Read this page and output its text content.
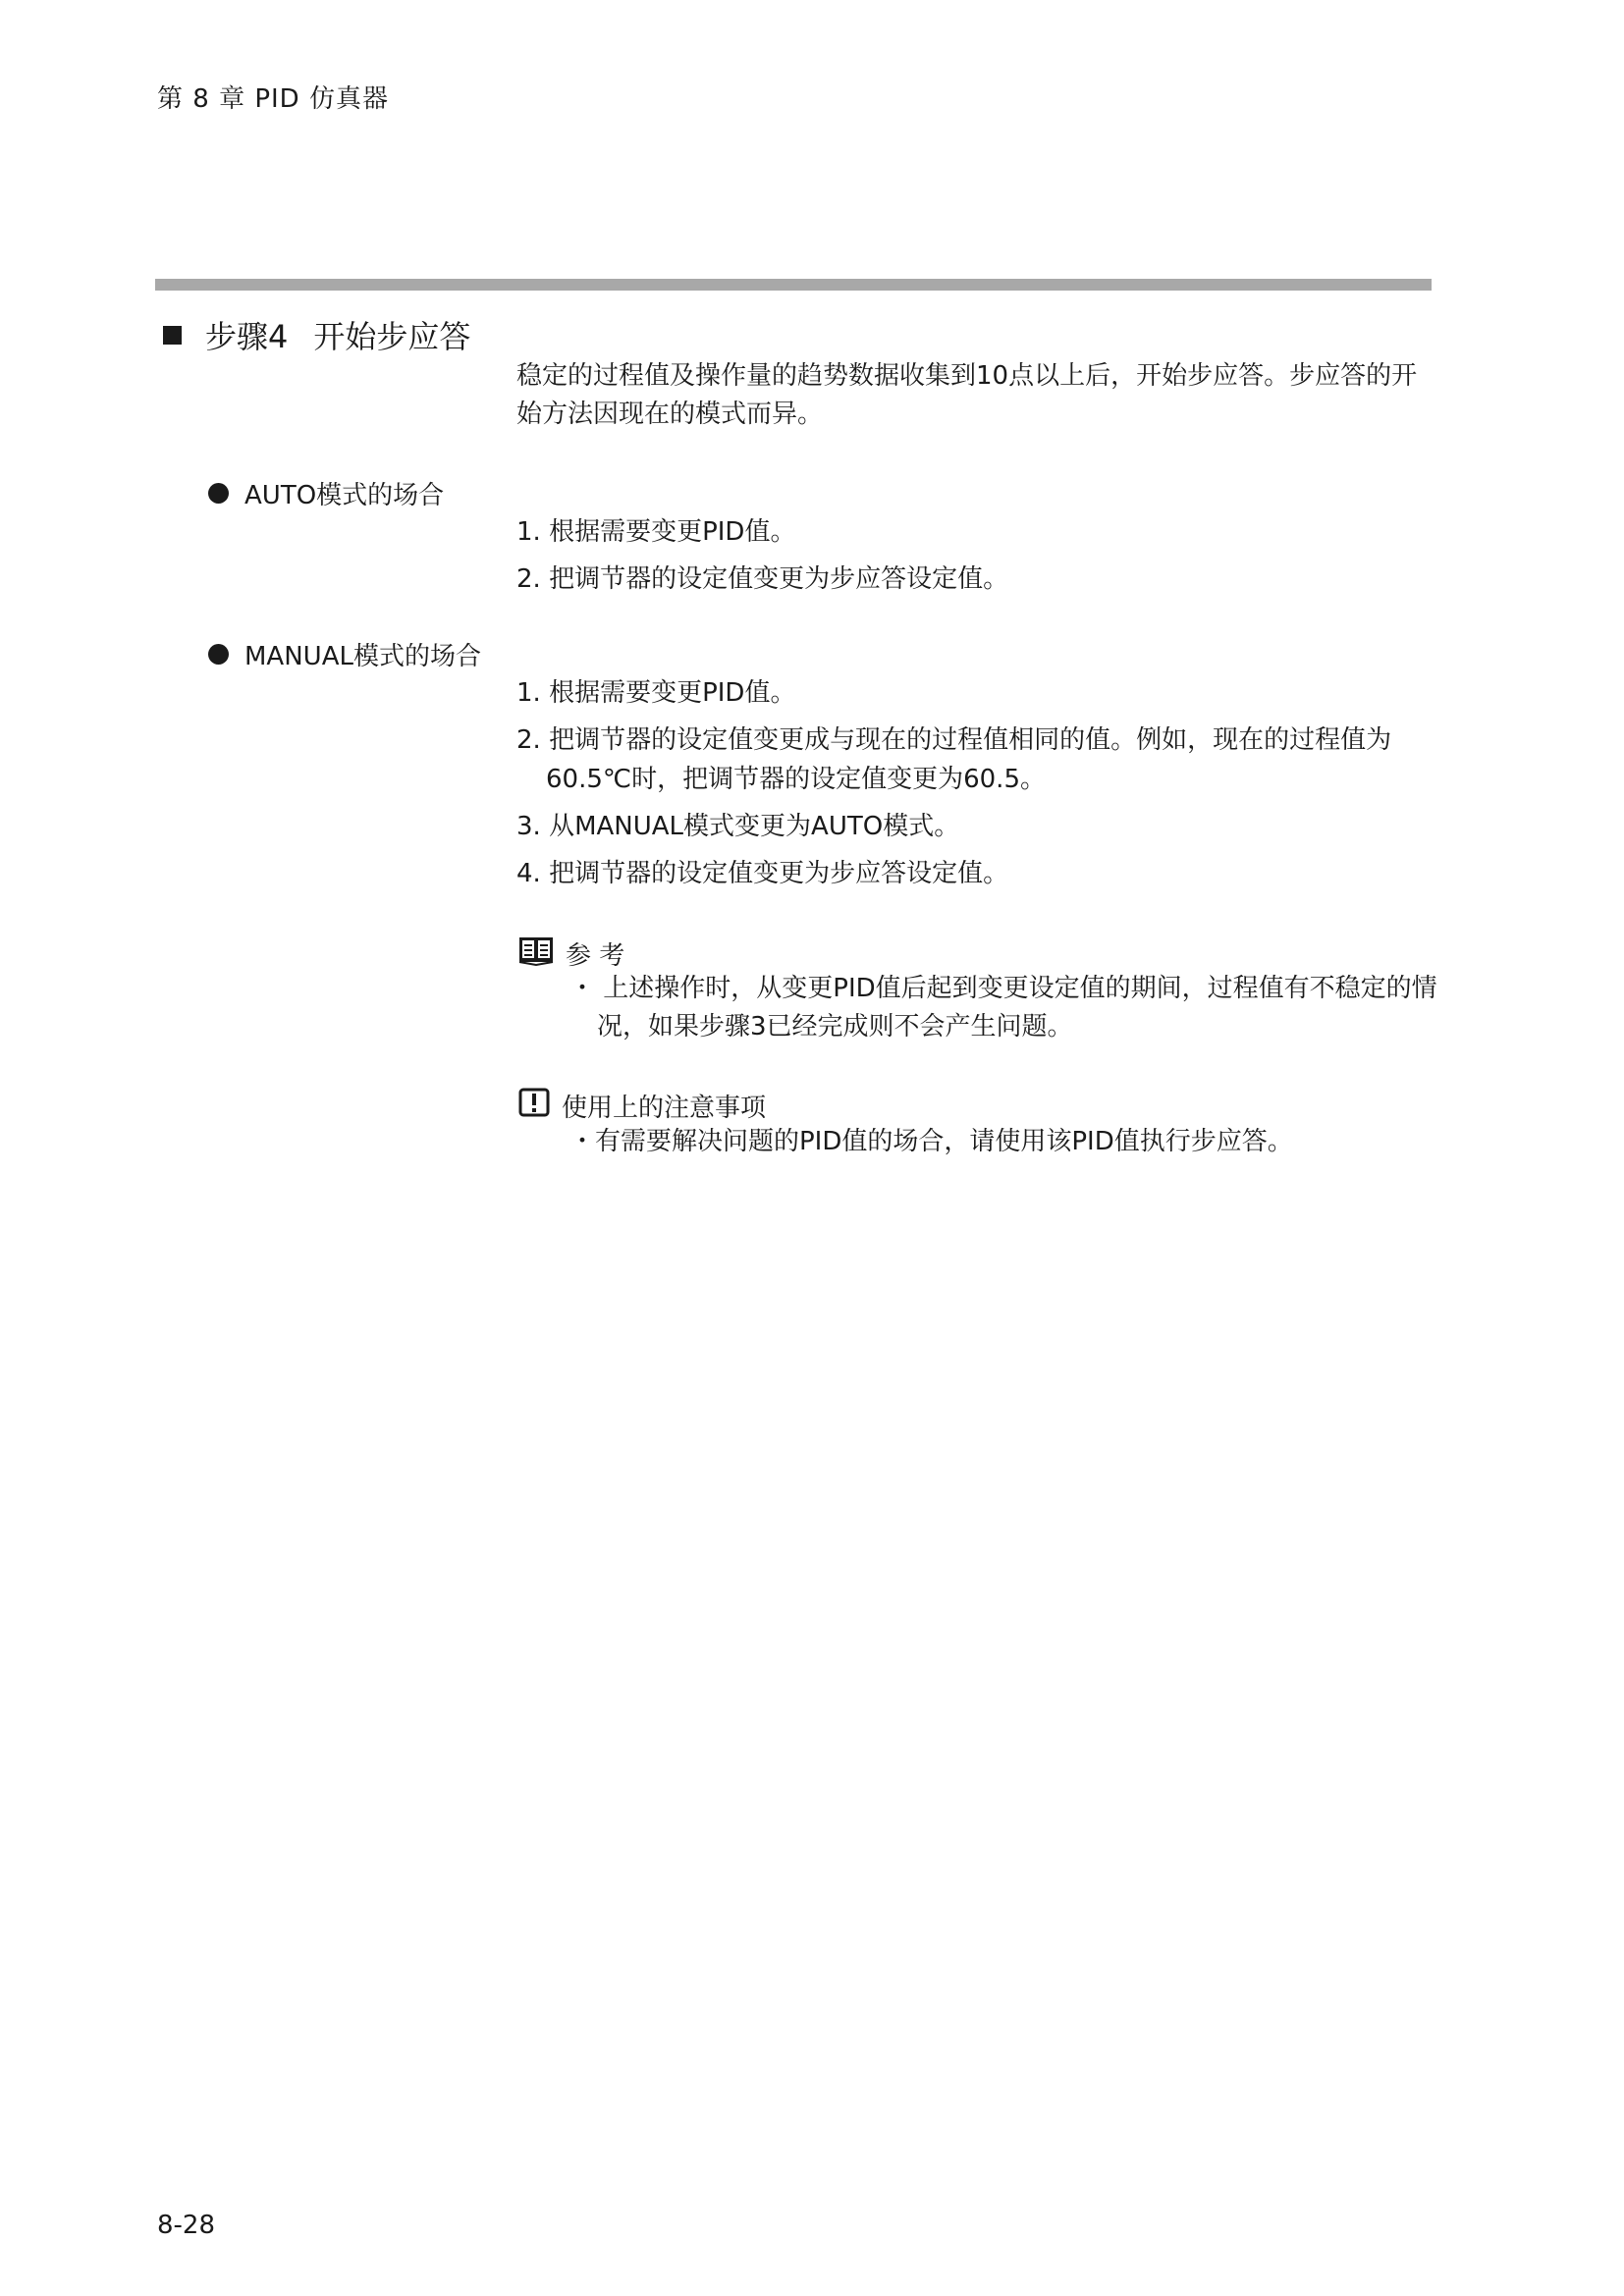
第 8 章 PID 仿真器
步骤4 开始步应答
稳定的过程值及操作量的趋势数据收集到10点以上后，开始步应答。步应答的开始方法因现在的模式而异。
AUTO模式的场合
1. 根据需要变更PID值。
2. 把调节器的设定值变更为步应答设定值。
MANUAL模式的场合
1. 根据需要变更PID值。
2. 把调节器的设定值变更成与现在的过程值相同的值。例如，现在的过程值为60.5℃时，把调节器的设定值变更为60.5。
3. 从MANUAL模式变更为AUTO模式。
4. 把调节器的设定值变更为步应答设定值。
参 考
・ 上述操作时，从变更PID值后起到变更设定值的期间，过程值有不稳定的情况，如果步骤3已经完成则不会产生问题。
使用上的注意事项
・有需要解决问题的PID值的场合，请使用该PID值执行步应答。
8-28
